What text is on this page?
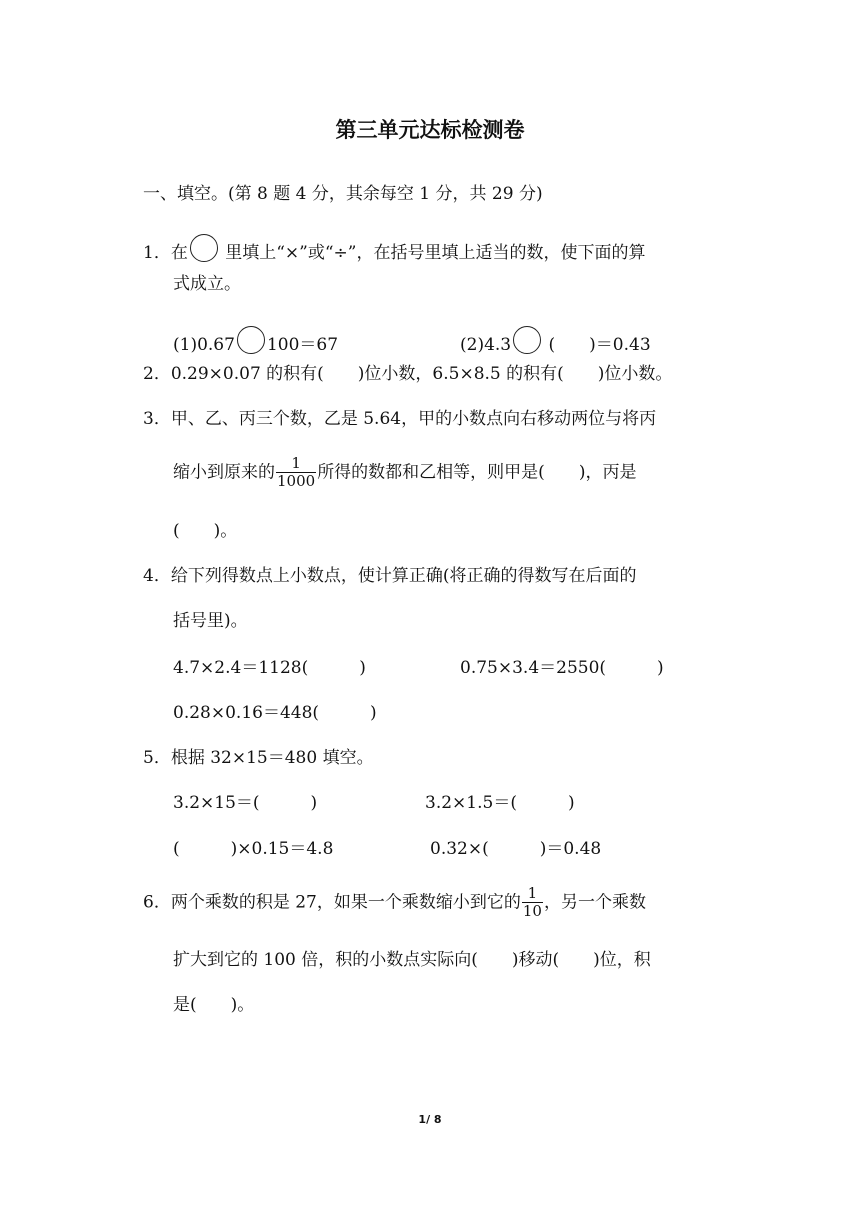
第三单元达标检测卷
一、填空。(第 8 题 4 分，其余每空 1 分，共 29 分)
1．在 里填上“×”或“÷”，在括号里填上适当的数，使下面的算
式成立。
(1)0.67 100＝67	(2)4.3 (　　)＝0.43
2．0.29×0.07 的积有(　　)位小数，6.5×8.5 的积有(　　)位小数。
3．甲、乙、丙三个数，乙是 5.64，甲的小数点向右移动两位与将丙
缩小到原来的 $\frac{1}{1000}$ 所得的数都和乙相等，则甲是(　　)，丙是
(　　)。
4．给下列得数点上小数点，使计算正确(将正确的得数写在后面的
括号里)。
4.7×2.4＝1128(　　　)	0.75×3.4＝2550(　　　)
0.28×0.16＝448(　　　)
5．根据 32×15＝480 填空。
3.2×15＝(　　　)	3.2×1.5＝(　　　)
(　　　)×0.15＝4.8	0.32×(　　　)＝0.48
6．两个乘数的积是 27，如果一个乘数缩小到它的 $\frac{1}{10}$ ，另一个乘数
扩大到它的 100 倍，积的小数点实际向(　　)移动(　　)位，积
是(　　)。
1/ 8
